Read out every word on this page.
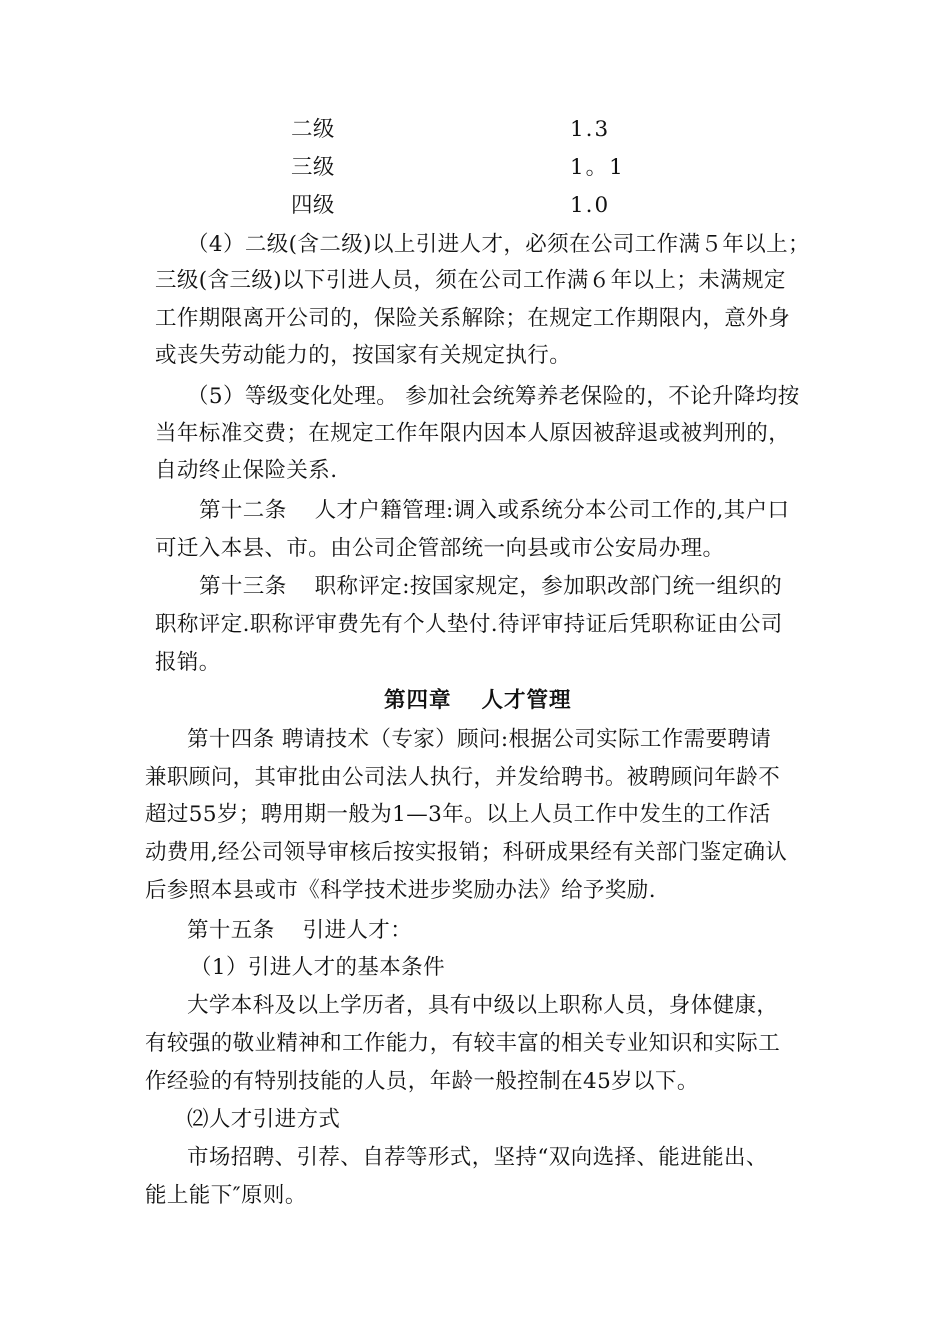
二级	1.3
三级	1。1
四级	1.0
（4）二级(含二级)以上引进人才，必须在公司工作满５年以上；
三级(含三级)以下引进人员，须在公司工作满６年以上；未满规定
工作期限离开公司的，保险关系解除；在规定工作期限内，意外身
或丧失劳动能力的，按国家有关规定执行。
（5）等级变化处理。 参加社会统筹养老保险的，不论升降均按
当年标准交费；在规定工作年限内因本人原因被辞退或被判刑的，
自动终止保险关系.
第十二条 人才户籍管理:调入或系统分本公司工作的,其户口
可迁入本县、市。由公司企管部统一向县或市公安局办理。
第十三条 职称评定:按国家规定，参加职改部门统一组织的
职称评定.职称评审费先有个人垫付.待评审持证后凭职称证由公司
报销。
第四章 人才管理
第十四条 聘请技术（专家）顾问:根据公司实际工作需要聘请
兼职顾问，其审批由公司法人执行，并发给聘书。被聘顾问年龄不
超过55岁；聘用期一般为1—3年。以上人员工作中发生的工作活
动费用,经公司领导审核后按实报销；科研成果经有关部门鉴定确认
后参照本县或市《科学技术进步奖励办法》给予奖励.
第十五条 引进人才：
（1）引进人才的基本条件
大学本科及以上学历者，具有中级以上职称人员，身体健康，
有较强的敬业精神和工作能力，有较丰富的相关专业知识和实际工
作经验的有特别技能的人员，年龄一般控制在45岁以下。
⑵人才引进方式
市场招聘、引荐、自荐等形式，坚持“双向选择、能进能出、
能上能下″原则。
